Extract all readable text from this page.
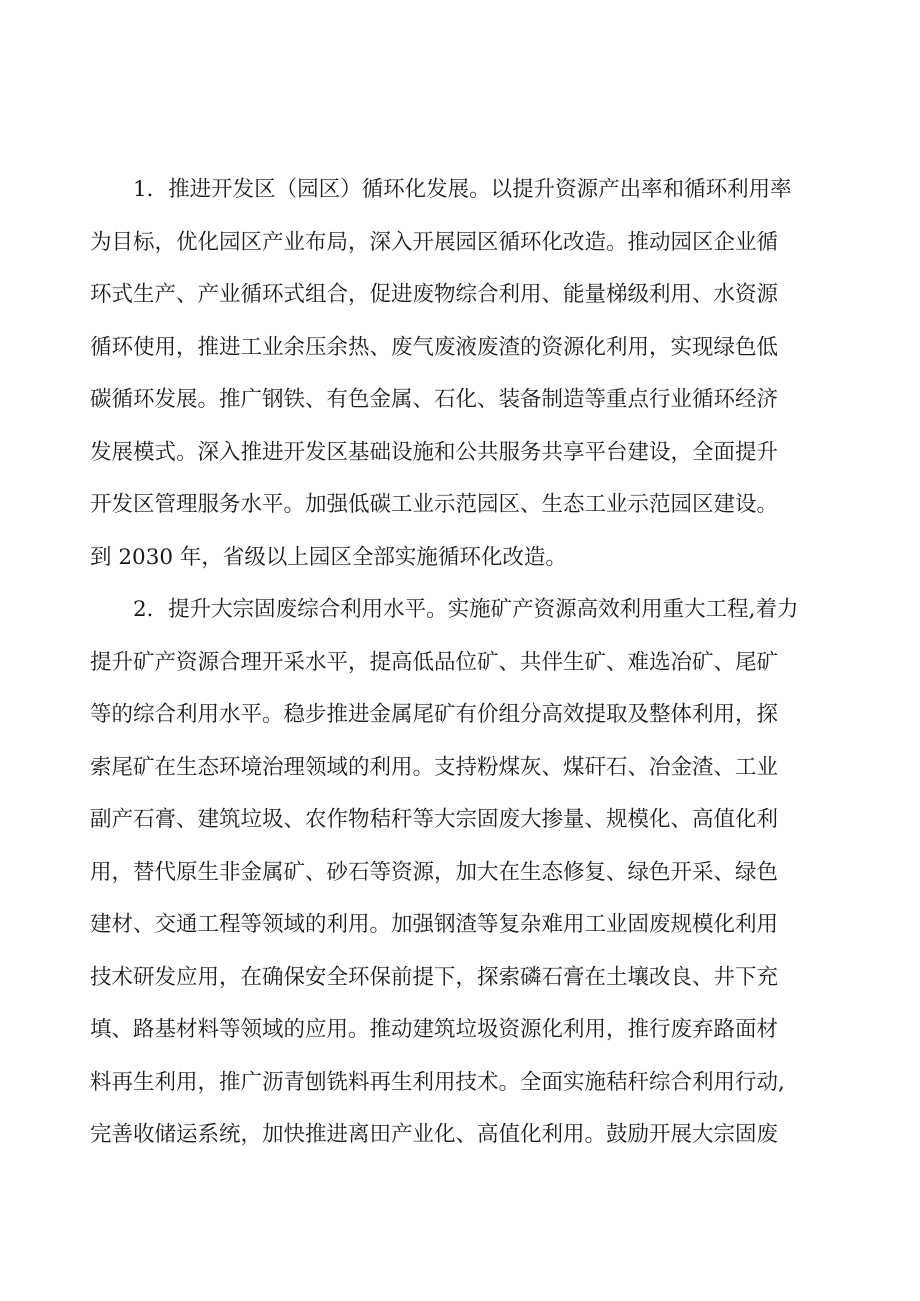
1．推进开发区（园区）循环化发展。以提升资源产出率和循环利用率
为目标，优化园区产业布局，深入开展园区循环化改造。推动园区企业循
环式生产、产业循环式组合，促进废物综合利用、能量梯级利用、水资源
循环使用，推进工业余压余热、废气废液废渣的资源化利用，实现绿色低
碳循环发展。推广钢铁、有色金属、石化、装备制造等重点行业循环经济
发展模式。深入推进开发区基础设施和公共服务共享平台建设，全面提升
开发区管理服务水平。加强低碳工业示范园区、生态工业示范园区建设。
到 2030 年，省级以上园区全部实施循环化改造。
2．提升大宗固废综合利用水平。实施矿产资源高效利用重大工程,着力
提升矿产资源合理开采水平，提高低品位矿、共伴生矿、难选冶矿、尾矿
等的综合利用水平。稳步推进金属尾矿有价组分高效提取及整体利用，探
索尾矿在生态环境治理领域的利用。支持粉煤灰、煤矸石、冶金渣、工业
副产石膏、建筑垃圾、农作物秸秆等大宗固废大掺量、规模化、高值化利
用，替代原生非金属矿、砂石等资源，加大在生态修复、绿色开采、绿色
建材、交通工程等领域的利用。加强钢渣等复杂难用工业固废规模化利用
技术研发应用，在确保安全环保前提下，探索磷石膏在土壤改良、井下充
填、路基材料等领域的应用。推动建筑垃圾资源化利用，推行废弃路面材
料再生利用，推广沥青刨铣料再生利用技术。全面实施秸秆综合利用行动,
完善收储运系统，加快推进离田产业化、高值化利用。鼓励开展大宗固废
